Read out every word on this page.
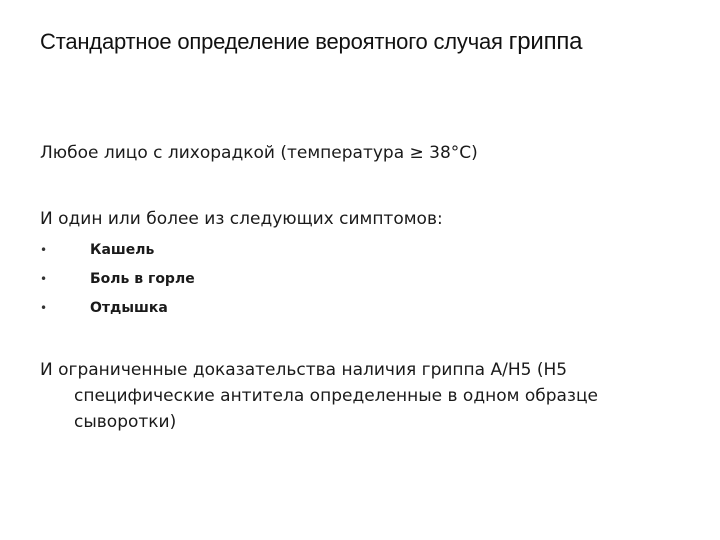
Стандартное определение вероятного случая гриппа
Любое лицо с лихорадкой (температура ≥ 38°С)
И один или более из следующих симптомов:
•	Кашель
•	Боль в горле
•	Отдышка
И ограниченные доказательства наличия гриппа А/Н5 (Н5
специфические антитела определенные в одном образце
сыворотки)
